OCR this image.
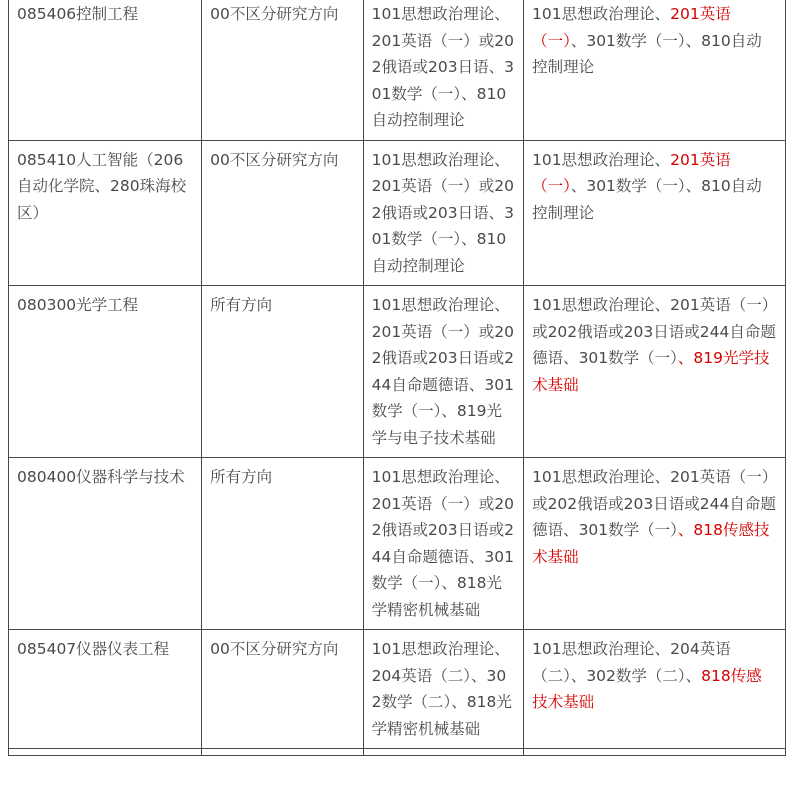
085406控制工程	00不区分研究方向	101思想政治理论、201英语（一）或202俄语或203日语、301数学（一）、810自动控制理论	101思想政治理论、201英语（一）、301数学（一）、810自动控制理论
085410人工智能（206自动化学院、280珠海校区）	00不区分研究方向	101思想政治理论、201英语（一）或202俄语或203日语、301数学（一）、810自动控制理论	101思想政治理论、201英语（一）、301数学（一）、810自动控制理论
080300光学工程	所有方向	101思想政治理论、201英语（一）或202俄语或203日语或244自命题德语、301数学（一）、819光学与电子技术基础	101思想政治理论、201英语（一）或202俄语或203日语或244自命题德语、301数学（一）、819光学技术基础
080400仪器科学与技术	所有方向	101思想政治理论、201英语（一）或202俄语或203日语或244自命题德语、301数学（一）、818光学精密机械基础	101思想政治理论、201英语（一）或202俄语或203日语或244自命题德语、301数学（一）、818传感技术基础
085407仪器仪表工程	00不区分研究方向	101思想政治理论、204英语（二）、302数学（二）、818光学精密机械基础	101思想政治理论、204英语（二）、302数学（二）、818传感技术基础
